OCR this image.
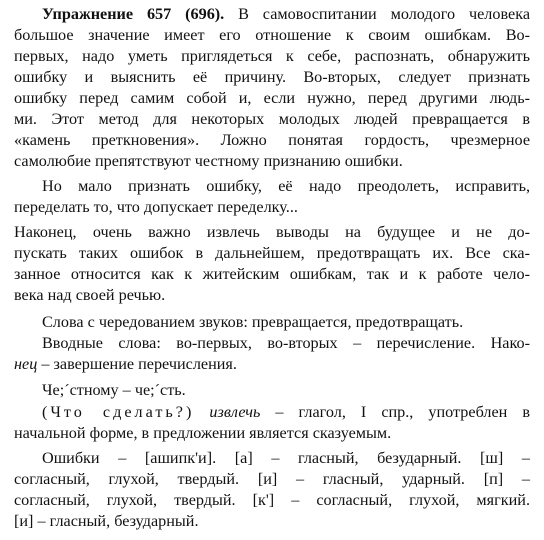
Упражнение 657 (696). В самовоспитании молодого человека
большое значение имеет его отношение к своим ошибкам. Во-
первых, надо уметь приглядеться к себе, распознать, обнаружить
ошибку и выяснить её причину. Во-вторых, следует признать
ошибку перед самим собой и, если нужно, перед другими людь-
ми. Этот метод для некоторых молодых людей превращается в
«камень преткновения». Ложно понятая гордость, чрезмерное
самолюбие препятствуют честному признанию ошибки.
Но мало признать ошибку, её надо преодолеть, исправить,
переделать то, что допускает переделку...
Наконец, очень важно извлечь выводы на будущее и не до-
пускать таких ошибок в дальнейшем, предотвращать их. Все ска-
занное относится как к житейским ошибкам, так и к работе чело-
века над своей речью.
Слова с чередованием звуков: превращается, предотвращать.
Вводные слова: во-первых, во-вторых – перечисление. Нако-
нец – завершение перечисления.
Че;´стному – че;´сть.
(Что сделать?) извлечь – глагол, I спр., употреблен в
начальной форме, в предложении является сказуемым.
Ошибки – [ашипк'и]. [а] – гласный, безударный. [ш] –
согласный, глухой, твердый. [и] – гласный, ударный. [п] –
согласный, глухой, твердый. [к'] – согласный, глухой, мягкий.
[и] – гласный, безударный.
